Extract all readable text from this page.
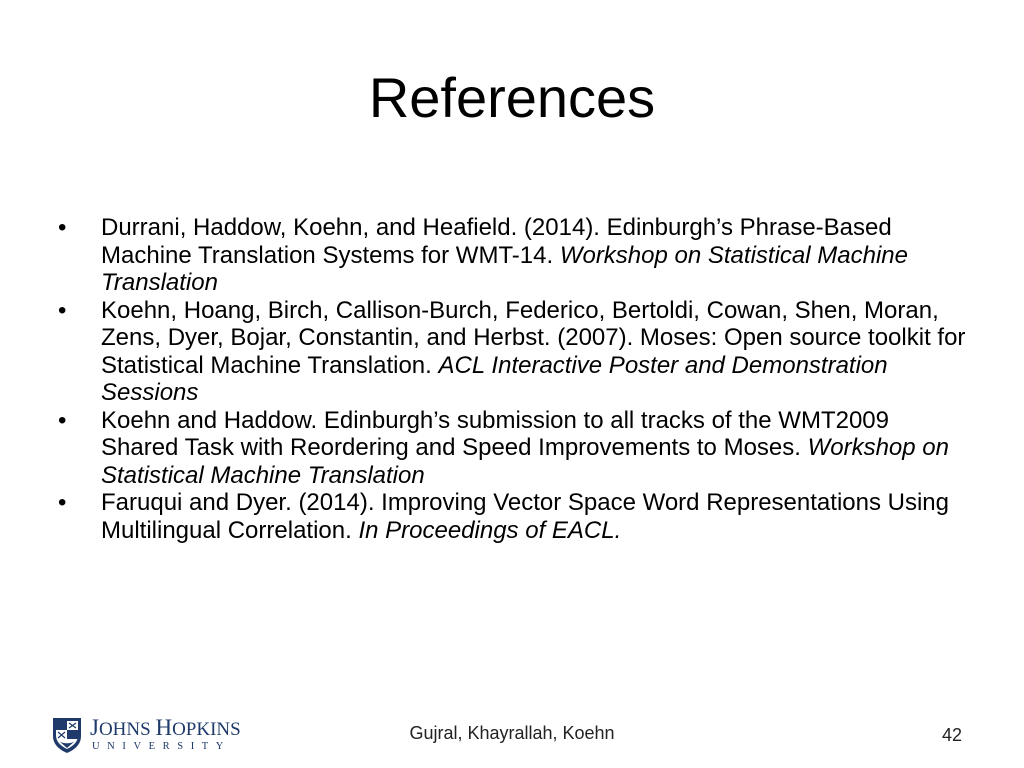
References
• Durrani, Haddow, Koehn, and Heafield. (2014). Edinburgh’s Phrase-Based Machine Translation Systems for WMT-14. Workshop on Statistical Machine Translation
• Koehn, Hoang, Birch, Callison-Burch, Federico, Bertoldi, Cowan, Shen, Moran, Zens, Dyer, Bojar, Constantin, and Herbst. (2007). Moses: Open source toolkit for Statistical Machine Translation. ACL Interactive Poster and Demonstration Sessions
• Koehn and Haddow. Edinburgh’s submission to all tracks of the WMT2009 Shared Task with Reordering and Speed Improvements to Moses. Workshop on Statistical Machine Translation
• Faruqui and Dyer. (2014). Improving Vector Space Word Representations Using Multilingual Correlation. In Proceedings of EACL.
JOHNS HOPKINS
UNIVERSITY
Gujral, Khayrallah, Koehn	42
